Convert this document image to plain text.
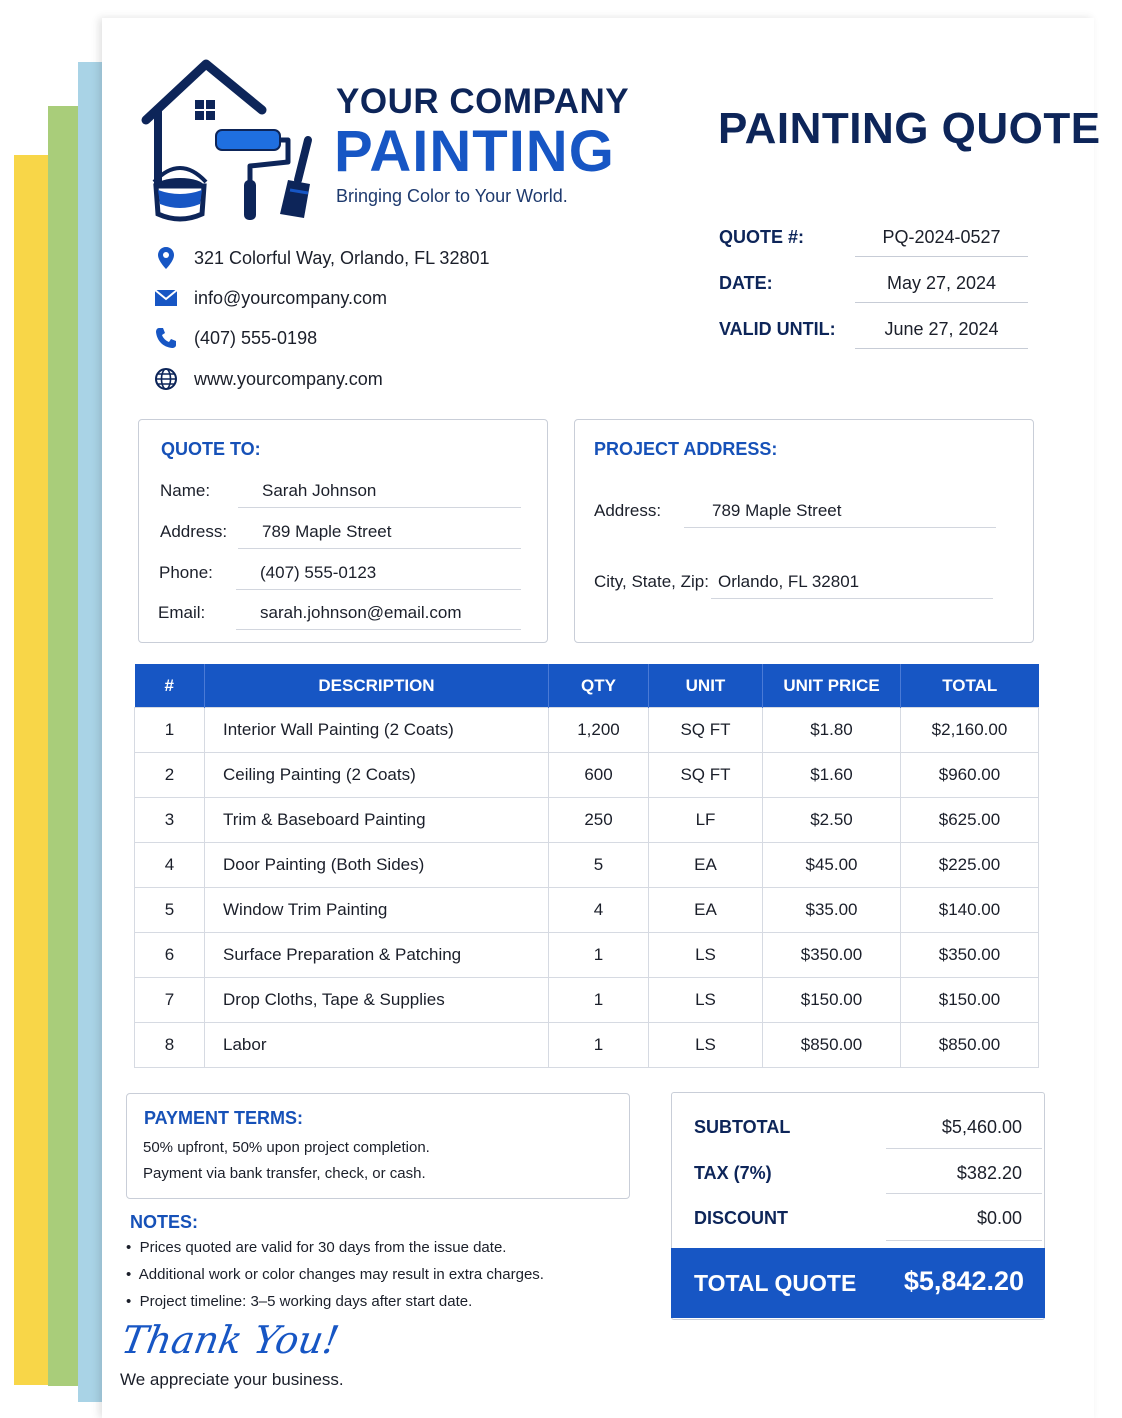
YOUR COMPANY
PAINTING
Bringing Color to Your World.
321 Colorful Way, Orlando, FL 32801
info@yourcompany.com
(407) 555-0198
www.yourcompany.com
PAINTING QUOTE
QUOTE #:	PQ-2024-0527
DATE:	May 27, 2024
VALID UNTIL:	June 27, 2024
QUOTE TO:
Name:	Sarah Johnson
Address:	789 Maple Street
Phone:	(407) 555-0123
Email:	sarah.johnson@email.com
PROJECT ADDRESS:
Address:	789 Maple Street
City, State, Zip: Orlando, FL 32801
#	DESCRIPTION	QTY	UNIT	UNIT PRICE	TOTAL
1	Interior Wall Painting (2 Coats)	1,200	SQ FT	$1.80	$2,160.00
2	Ceiling Painting (2 Coats)	600	SQ FT	$1.60	$960.00
3	Trim & Baseboard Painting	250	LF	$2.50	$625.00
4	Door Painting (Both Sides)	5	EA	$45.00	$225.00
5	Window Trim Painting	4	EA	$35.00	$140.00
6	Surface Preparation & Patching	1	LS	$350.00	$350.00
7	Drop Cloths, Tape & Supplies	1	LS	$150.00	$150.00
8	Labor	1	LS	$850.00	$850.00
PAYMENT TERMS:
50% upfront, 50% upon project completion.
Payment via bank transfer, check, or cash.
NOTES:
•  Prices quoted are valid for 30 days from the issue date.
•  Additional work or color changes may result in extra charges.
•  Project timeline: 3–5 working days after start date.
Thank You!
We appreciate your business.
SUBTOTAL	$5,460.00
TAX (7%)	$382.20
DISCOUNT	$0.00
TOTAL QUOTE	$5,842.20
